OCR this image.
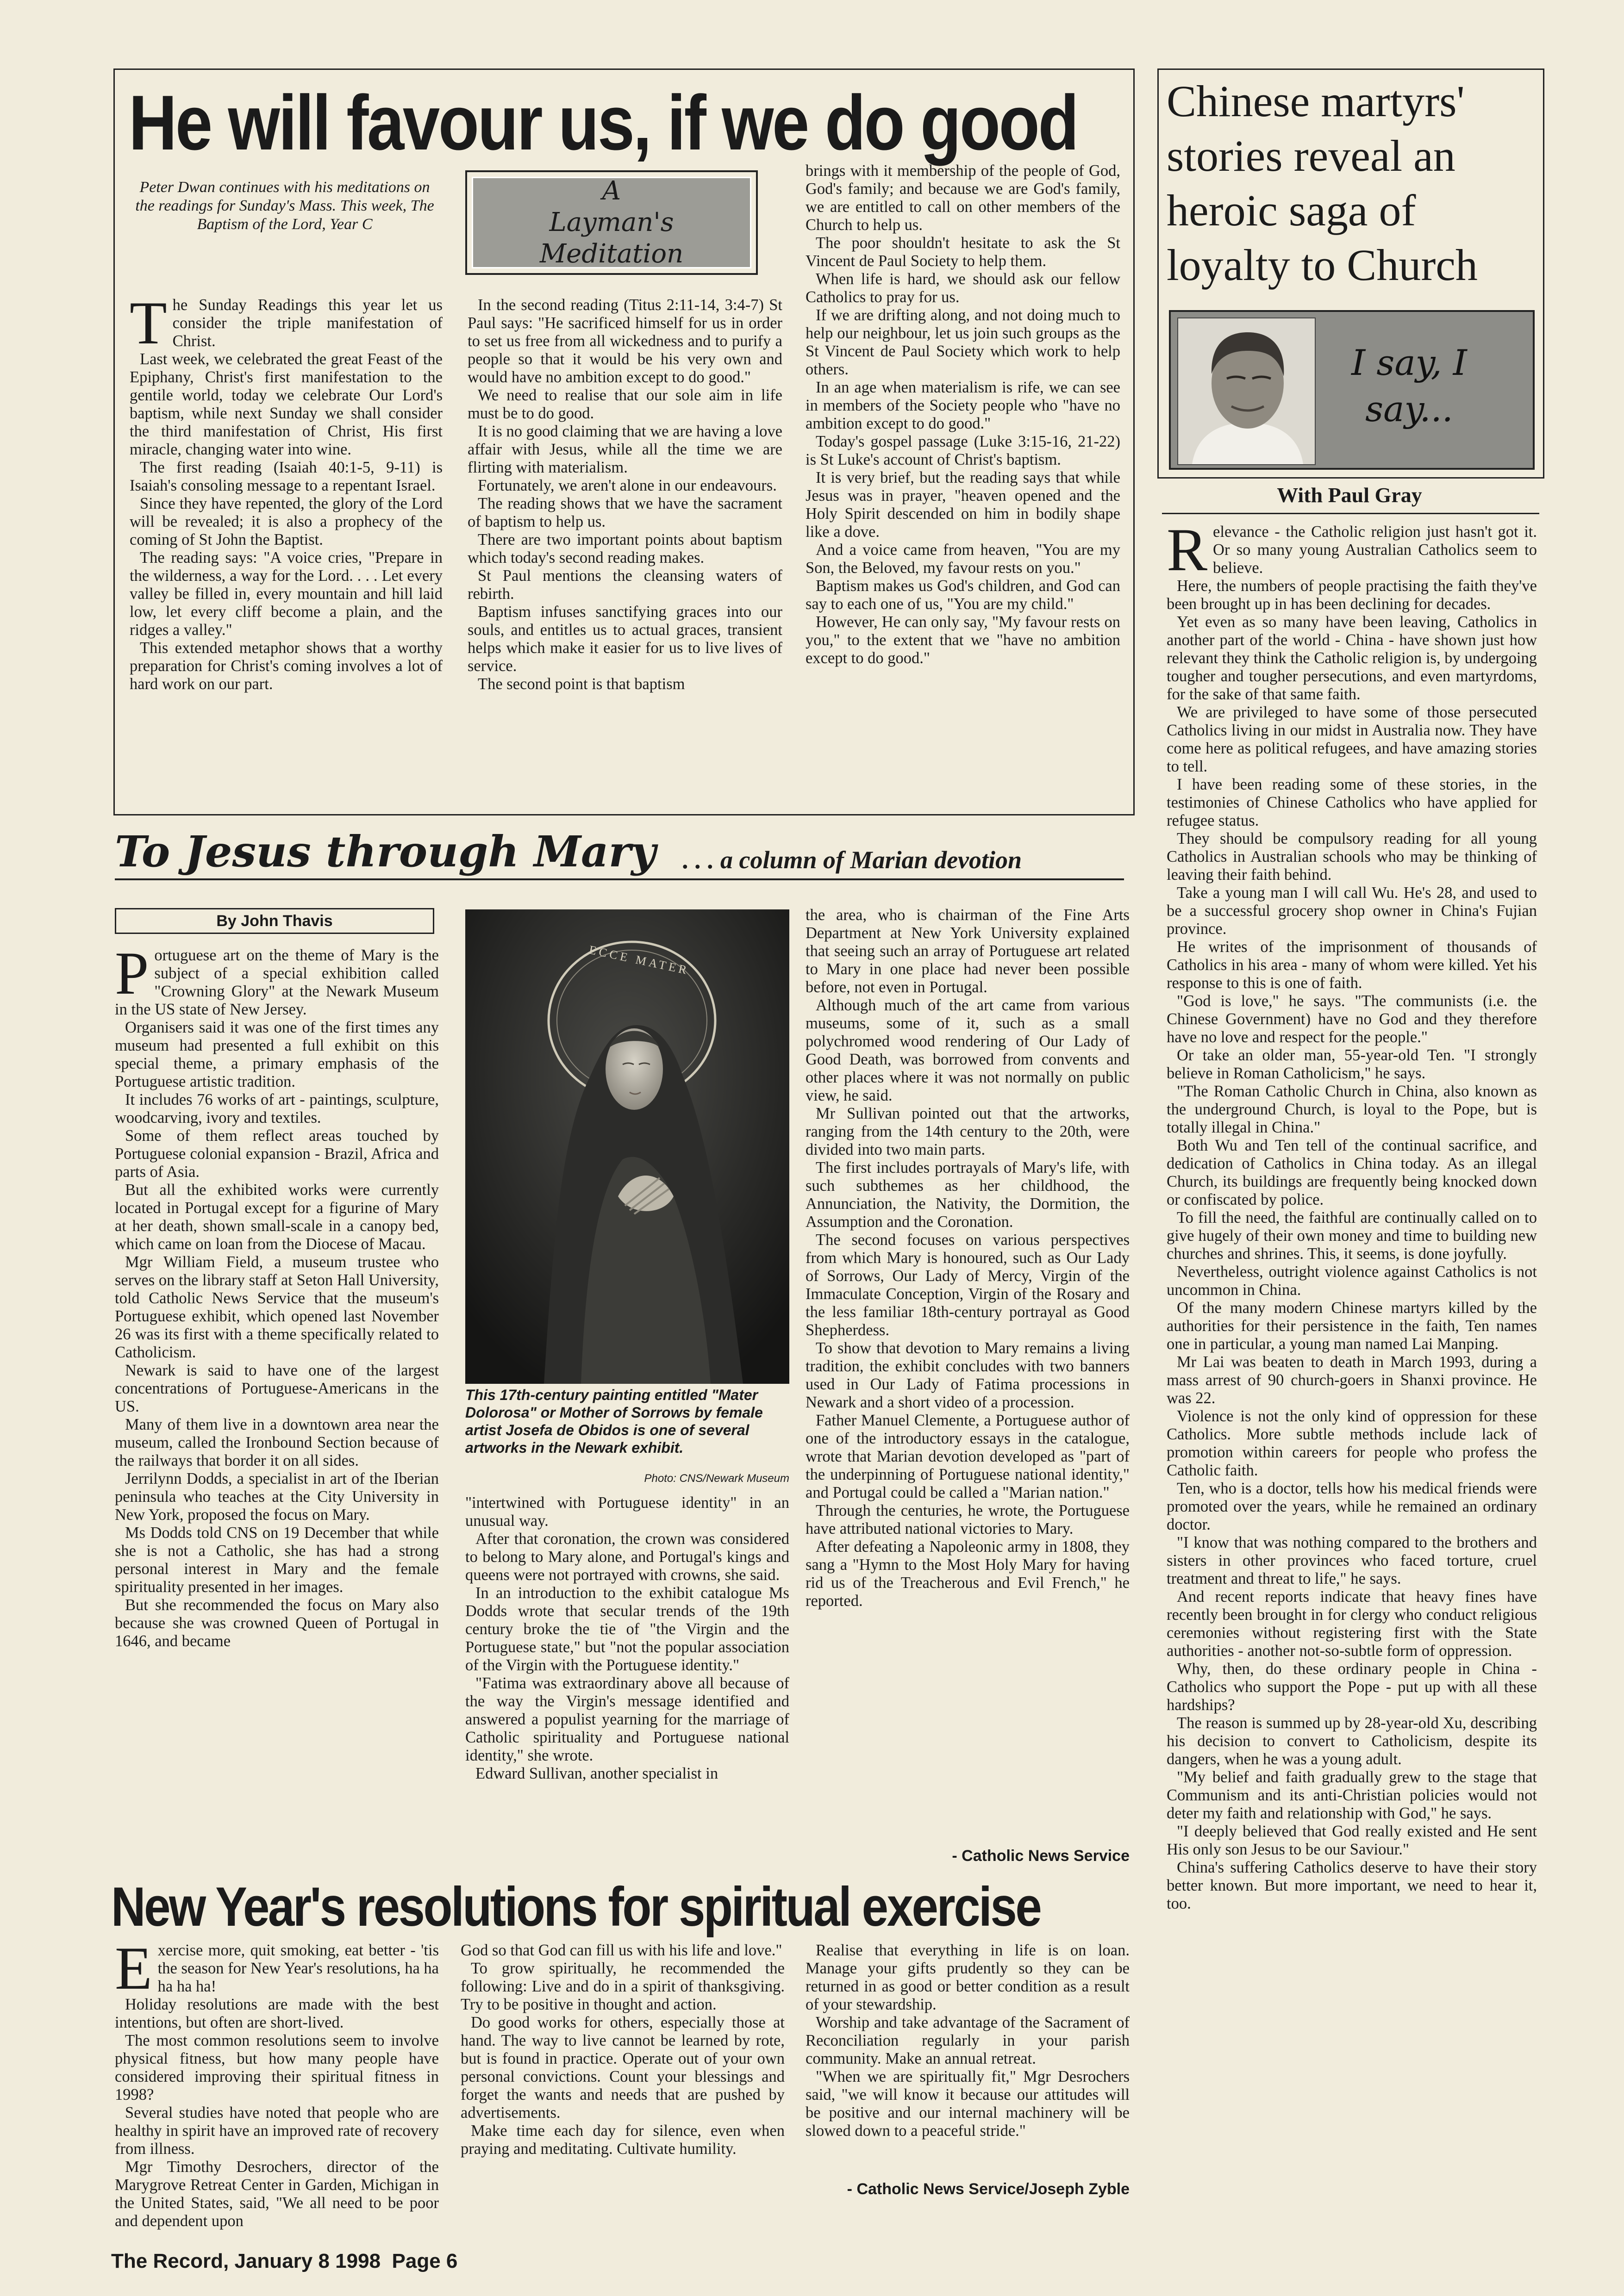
He will favour us, if we do good
Peter Dwan continues with his meditations on the readings for Sunday's Mass. This week, The Baptism of the Lord, Year C
A Layman's Meditation
T he Sunday Readings this year let us consider the triple manifestation of Christ.

Last week, we celebrated the great Feast of the Epiphany, Christ's first manifestation to the gentile world, today we celebrate Our Lord's baptism, while next Sunday we shall consider the third manifestation of Christ, His first miracle, changing water into wine.

The first reading (Isaiah 40:1-5, 9-11) is Isaiah's consoling message to a repentant Israel.

Since they have repented, the glory of the Lord will be revealed; it is also a prophecy of the coming of St John the Baptist.

The reading says: "A voice cries, "Prepare in the wilderness, a way for the Lord. . . . Let every valley be filled in, every mountain and hill laid low, let every cliff become a plain, and the ridges a valley."

This extended metaphor shows that a worthy preparation for Christ's coming involves a lot of hard work on our part.

In the second reading (Titus 2:11-14, 3:4-7) St Paul says: "He sacrificed himself for us in order to set us free from all wickedness and to purify a people so that it would be his very own and would have no ambition except to do good."

We need to realise that our sole aim in life must be to do good.

It is no good claiming that we are having a love affair with Jesus, while all the time we are flirting with materialism.

Fortunately, we aren't alone in our endeavours.

The reading shows that we have the sacrament of baptism to help us.

There are two important points about baptism which today's second reading makes.

St Paul mentions the cleansing waters of rebirth.

Baptism infuses sanctifying graces into our souls, and entitles us to actual graces, transient helps which make it easier for us to live lives of service.

The second point is that baptism

brings with it membership of the people of God, God's family; and because we are God's family, we are entitled to call on other members of the Church to help us.

The poor shouldn't hesitate to ask the St Vincent de Paul Society to help them.

When life is hard, we should ask our fellow Catholics to pray for us.

If we are drifting along, and not doing much to help our neighbour, let us join such groups as the St Vincent de Paul Society which work to help others.

In an age when materialism is rife, we can see in members of the Society people who "have no ambition except to do good."

Today's gospel passage (Luke 3:15-16, 21-22) is St Luke's account of Christ's baptism.

It is very brief, but the reading says that while Jesus was in prayer, "heaven opened and the Holy Spirit descended on him in bodily shape like a dove.

And a voice came from heaven, "You are my Son, the Beloved, my favour rests on you."

Baptism makes us God's children, and God can say to each one of us, "You are my child."

However, He can only say, "My favour rests on you," to the extent that we "have no ambition except to do good."

To Jesus through Mary . . . a column of Marian devotion
By John Thavis
P ortuguese art on the theme of Mary is the subject of a special exhibition called "Crowning Glory" at the Newark Museum in the US state of New Jersey.

Organisers said it was one of the first times any museum had presented a full exhibit on this special theme, a primary emphasis of the Portuguese artistic tradition.

It includes 76 works of art - paintings, sculpture, woodcarving, ivory and textiles.

Some of them reflect areas touched by Portuguese colonial expansion - Brazil, Africa and parts of Asia.

But all the exhibited works were currently located in Portugal except for a figurine of Mary at her death, shown small-scale in a canopy bed, which came on loan from the Diocese of Macau.

Mgr William Field, a museum trustee who serves on the library staff at Seton Hall University, told Catholic News Service that the museum's Portuguese exhibit, which opened last November 26 was its first with a theme specifically related to Catholicism.

Newark is said to have one of the largest concentrations of Portuguese-Americans in the US.

Many of them live in a downtown area near the museum, called the Ironbound Section because of the railways that border it on all sides.

Jerrilynn Dodds, a specialist in art of the Iberian peninsula who teaches at the City University in New York, proposed the focus on Mary.

Ms Dodds told CNS on 19 December that while she is not a Catholic, she has had a strong personal interest in Mary and the female spirituality presented in her images.

But she recommended the focus on Mary also because she was crowned Queen of Portugal in 1646, and became

ECCE MATER
This 17th-century painting entitled "Mater Dolorosa" or Mother of Sorrows by female artist Josefa de Obidos is one of several artworks in the Newark exhibit.
Photo: CNS/Newark Museum

"intertwined with Portuguese identity" in an unusual way.

After that coronation, the crown was considered to belong to Mary alone, and Portugal's kings and queens were not portrayed with crowns, she said.

In an introduction to the exhibit catalogue Ms Dodds wrote that secular trends of the 19th century broke the tie of "the Virgin and the Portuguese state," but "not the popular association of the Virgin with the Portuguese identity."

"Fatima was extraordinary above all because of the way the Virgin's message identified and answered a populist yearning for the marriage of Catholic spirituality and Portuguese national identity," she wrote.

Edward Sullivan, another specialist in

the area, who is chairman of the Fine Arts Department at New York University explained that seeing such an array of Portuguese art related to Mary in one place had never been possible before, not even in Portugal.

Although much of the art came from various museums, some of it, such as a small polychromed wood rendering of Our Lady of Good Death, was borrowed from convents and other places where it was not normally on public view, he said.

Mr Sullivan pointed out that the artworks, ranging from the 14th century to the 20th, were divided into two main parts.

The first includes portrayals of Mary's life, with such subthemes as her childhood, the Annunciation, the Nativity, the Dormition, the Assumption and the Coronation.

The second focuses on various perspectives from which Mary is honoured, such as Our Lady of Sorrows, Our Lady of Mercy, Virgin of the Immaculate Conception, Virgin of the Rosary and the less familiar 18th-century portrayal as Good Shepherdess.

To show that devotion to Mary remains a living tradition, the exhibit concludes with two banners used in Our Lady of Fatima processions in Newark and a short video of a procession.

Father Manuel Clemente, a Portuguese author of one of the introductory essays in the catalogue, wrote that Marian devotion developed as "part of the underpinning of Portuguese national identity," and Portugal could be called a "Marian nation."

Through the centuries, he wrote, the Portuguese have attributed national victories to Mary.

After defeating a Napoleonic army in 1808, they sang a "Hymn to the Most Holy Mary for having rid us of the Treacherous and Evil French," he reported.

- Catholic News Service
New Year's resolutions for spiritual exercise
E xercise more, quit smoking, eat better - 'tis the season for New Year's resolutions, ha ha ha ha ha!

Holiday resolutions are made with the best intentions, but often are short-lived.

The most common resolutions seem to involve physical fitness, but how many people have considered improving their spiritual fitness in 1998?

Several studies have noted that people who are healthy in spirit have an improved rate of recovery from illness.

Mgr Timothy Desrochers, director of the Marygrove Retreat Center in Garden, Michigan in the United States, said, "We all need to be poor and dependent upon

God so that God can fill us with his life and love."

To grow spiritually, he recommended the following: Live and do in a spirit of thanksgiving. Try to be positive in thought and action.

Do good works for others, especially those at hand. The way to live cannot be learned by rote, but is found in practice. Operate out of your own personal convictions. Count your blessings and forget the wants and needs that are pushed by advertisements.

Make time each day for silence, even when praying and meditating. Cultivate humility.

Realise that everything in life is on loan. Manage your gifts prudently so they can be returned in as good or better condition as a result of your stewardship.

Worship and take advantage of the Sacrament of Reconciliation regularly in your parish community. Make an annual retreat.

"When we are spiritually fit," Mgr Desrochers said, "we will know it because our attitudes will be positive and our internal machinery will be slowed down to a peaceful stride."

- Catholic News Service/Joseph Zyble
Chinese martyrs' stories reveal an heroic saga of loyalty to Church
I say, I say...
With Paul Gray
R elevance - the Catholic religion just hasn't got it. Or so many young Australian Catholics seem to believe.

Here, the numbers of people practising the faith they've been brought up in has been declining for decades.

Yet even as so many have been leaving, Catholics in another part of the world - China - have shown just how relevant they think the Catholic religion is, by undergoing tougher and tougher persecutions, and even martyrdoms, for the sake of that same faith.

We are privileged to have some of those persecuted Catholics living in our midst in Australia now. They have come here as political refugees, and have amazing stories to tell.

I have been reading some of these stories, in the testimonies of Chinese Catholics who have applied for refugee status.

They should be compulsory reading for all young Catholics in Australian schools who may be thinking of leaving their faith behind.

Take a young man I will call Wu. He's 28, and used to be a successful grocery shop owner in China's Fujian province.

He writes of the imprisonment of thousands of Catholics in his area - many of whom were killed. Yet his response to this is one of faith.

"God is love," he says. "The communists (i.e. the Chinese Government) have no God and they therefore have no love and respect for the people."

Or take an older man, 55-year-old Ten. "I strongly believe in Roman Catholicism," he says.

"The Roman Catholic Church in China, also known as the underground Church, is loyal to the Pope, but is totally illegal in China."

Both Wu and Ten tell of the continual sacrifice, and dedication of Catholics in China today. As an illegal Church, its buildings are frequently being knocked down or confiscated by police.

To fill the need, the faithful are continually called on to give hugely of their own money and time to building new churches and shrines. This, it seems, is done joyfully.

Nevertheless, outright violence against Catholics is not uncommon in China.

Of the many modern Chinese martyrs killed by the authorities for their persistence in the faith, Ten names one in particular, a young man named Lai Manping.

Mr Lai was beaten to death in March 1993, during a mass arrest of 90 church-goers in Shanxi province. He was 22.

Violence is not the only kind of oppression for these Catholics. More subtle methods include lack of promotion within careers for people who profess the Catholic faith.

Ten, who is a doctor, tells how his medical friends were promoted over the years, while he remained an ordinary doctor.

"I know that was nothing compared to the brothers and sisters in other provinces who faced torture, cruel treatment and threat to life," he says.

And recent reports indicate that heavy fines have recently been brought in for clergy who conduct religious ceremonies without registering first with the State authorities - another not-so-subtle form of oppression.

Why, then, do these ordinary people in China - Catholics who support the Pope - put up with all these hardships?

The reason is summed up by 28-year-old Xu, describing his decision to convert to Catholicism, despite its dangers, when he was a young adult.

"My belief and faith gradually grew to the stage that Communism and its anti-Christian policies would not deter my faith and relationship with God," he says.

"I deeply believed that God really existed and He sent His only son Jesus to be our Saviour."

China's suffering Catholics deserve to have their story better known. But more important, we need to hear it, too.

The Record, January 8 1998  Page 6
